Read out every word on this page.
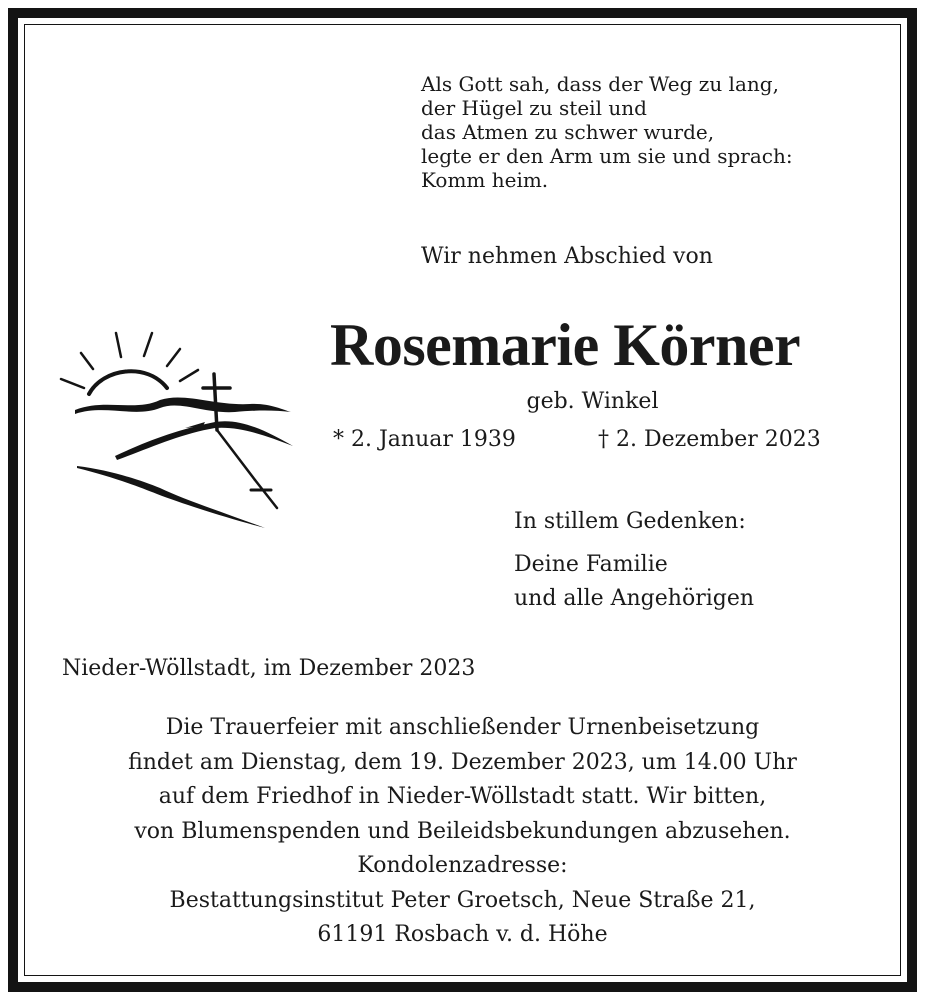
Als Gott sah, dass der Weg zu lang,
der Hügel zu steil und
das Atmen zu schwer wurde,
legte er den Arm um sie und sprach:
Komm heim.
Wir nehmen Abschied von
Rosemarie Körner
geb. Winkel
* 2. Januar 1939	† 2. Dezember 2023
In stillem Gedenken:
Deine Familie
und alle Angehörigen
Nieder-Wöllstadt, im Dezember 2023
Die Trauerfeier mit anschließender Urnenbeisetzung
findet am Dienstag, dem 19. Dezember 2023, um 14.00 Uhr
auf dem Friedhof in Nieder-Wöllstadt statt. Wir bitten,
von Blumenspenden und Beileidsbekundungen abzusehen.
Kondolenzadresse:
Bestattungsinstitut Peter Groetsch, Neue Straße 21,
61191 Rosbach v. d. Höhe
